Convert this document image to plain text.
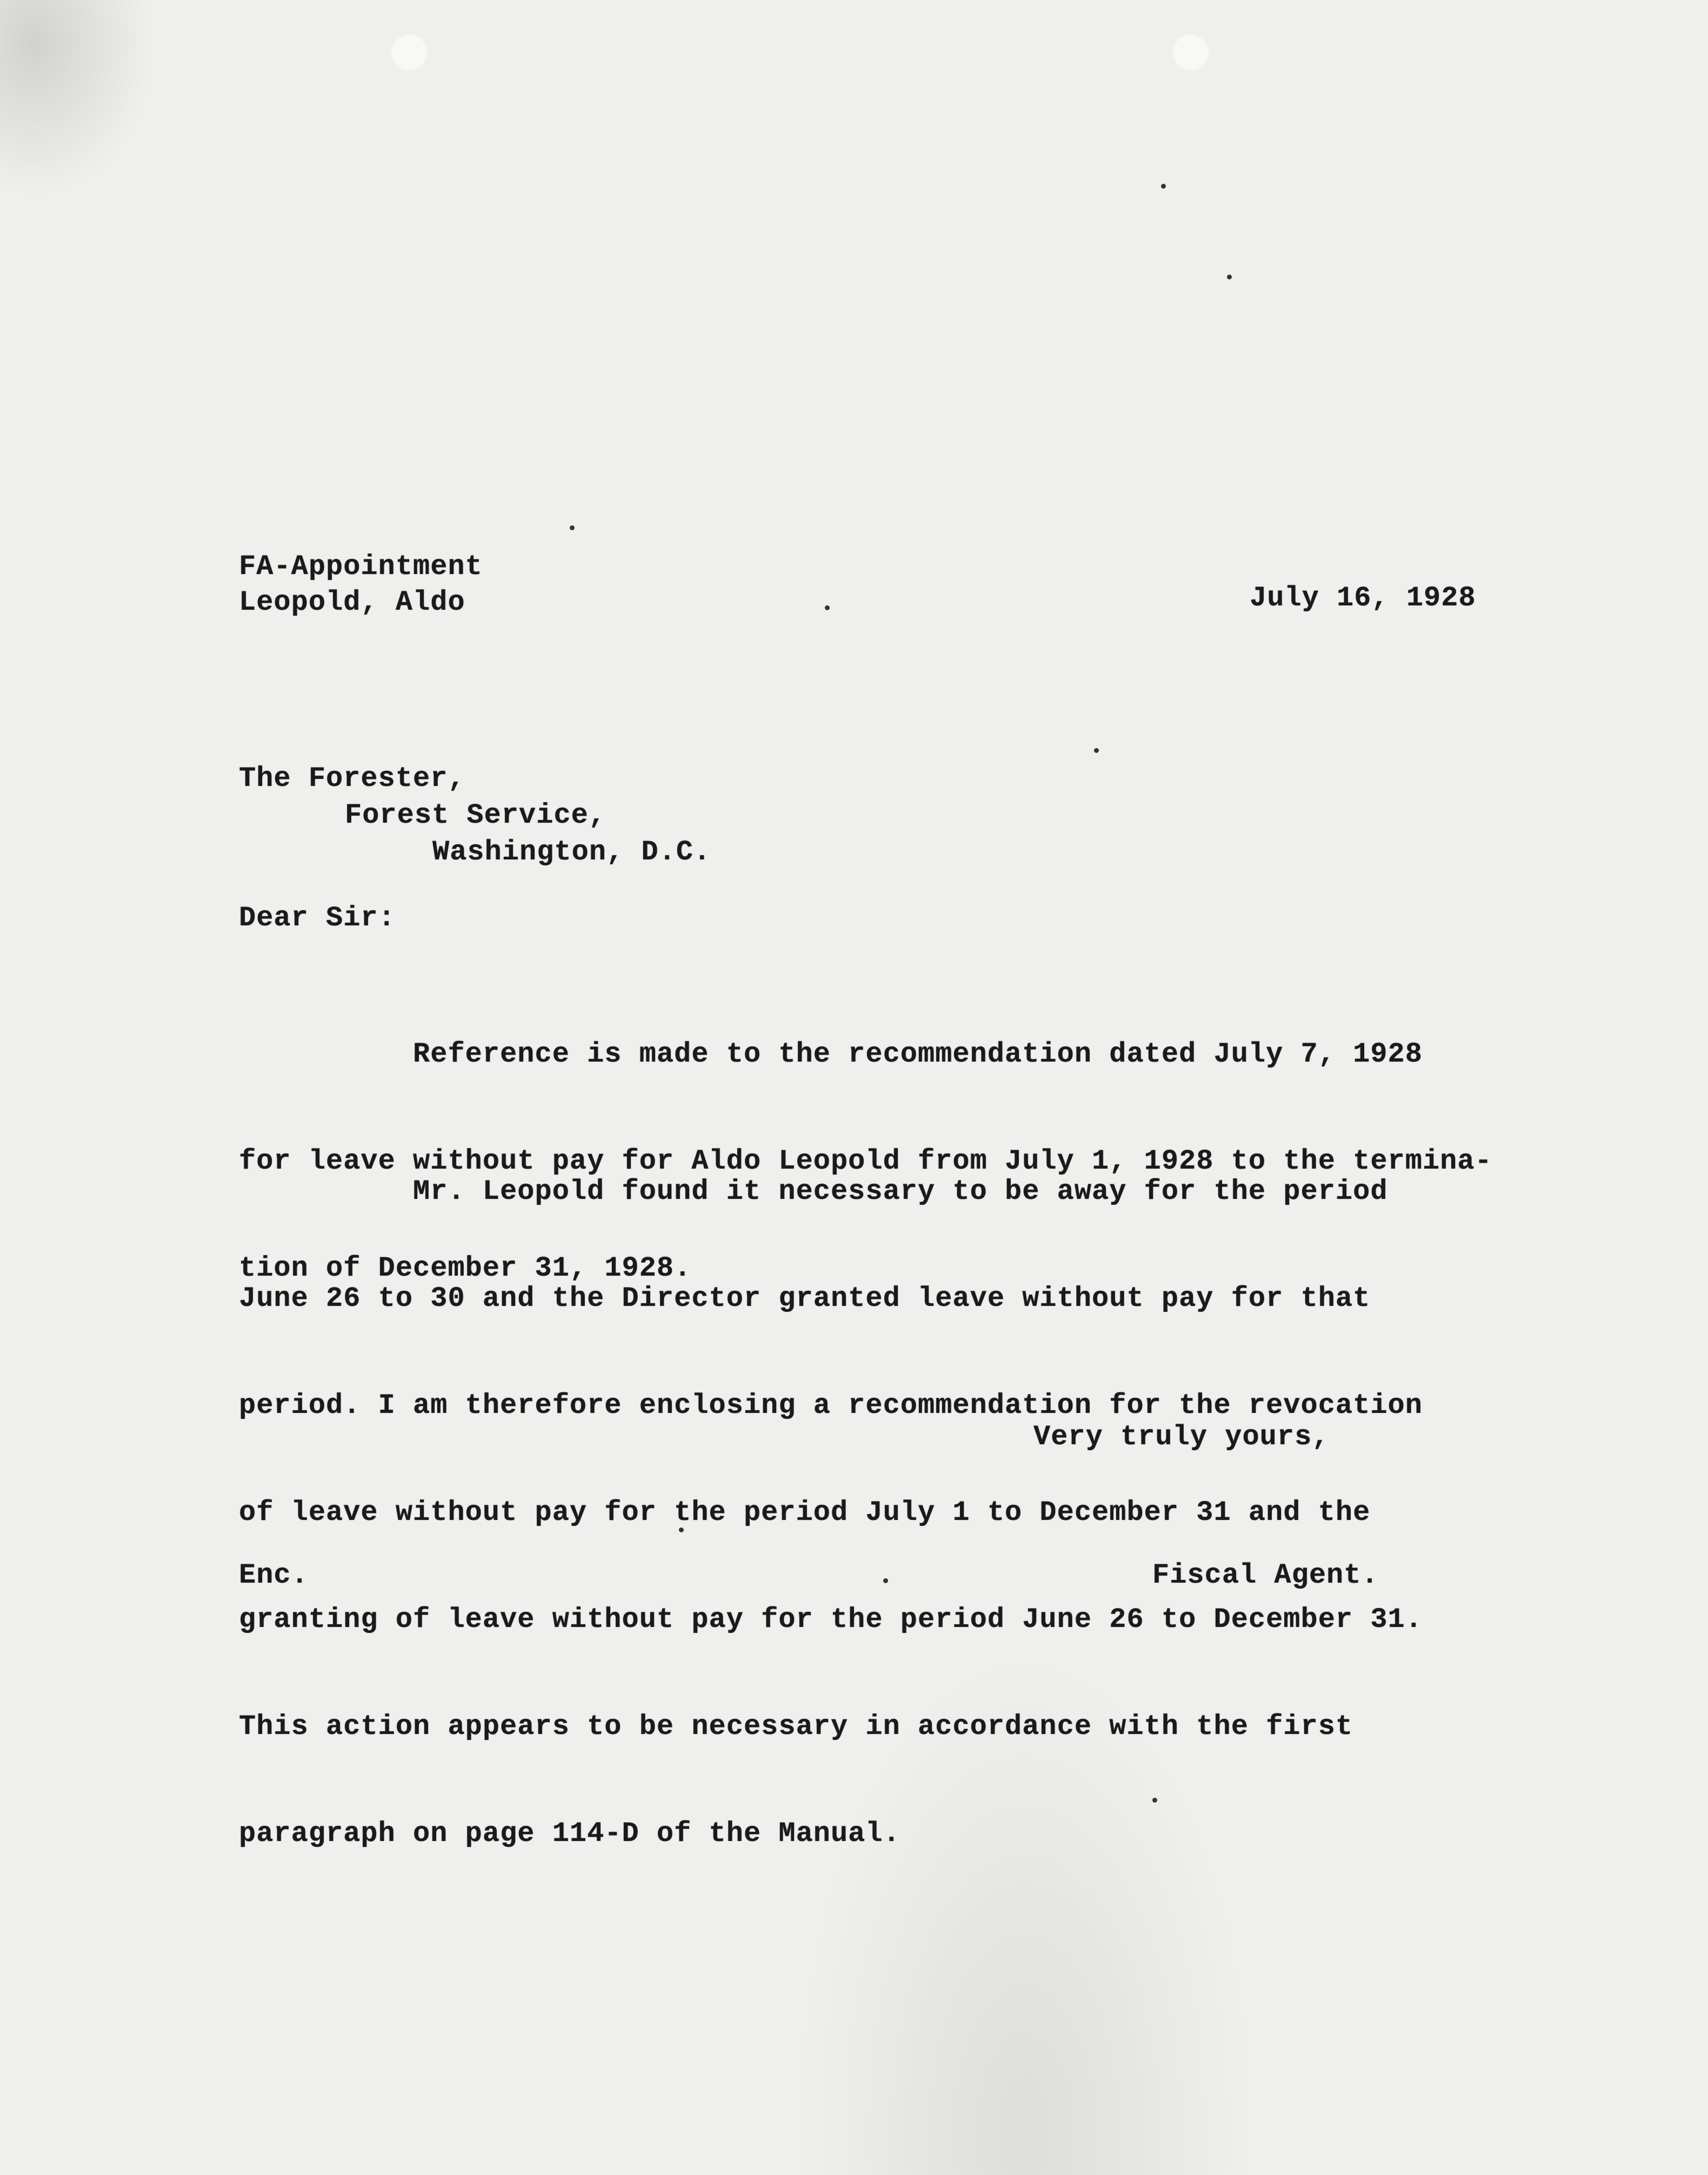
FA-Appointment

Leopold, Aldo	July 16, 1928

The Forester,

Forest Service,

Washington, D.C.

Dear Sir:

Reference is made to the recommendation dated July 7, 1928

for leave without pay for Aldo Leopold from July 1, 1928 to the termina-

tion of December 31, 1928.

Mr. Leopold found it necessary to be away for the period

June 26 to 30 and the Director granted leave without pay for that

period. I am therefore enclosing a recommendation for the revocation

of leave without pay for the period July 1 to December 31 and the

granting of leave without pay for the period June 26 to December 31.

This action appears to be necessary in accordance with the first

paragraph on page 114-D of the Manual.

Very truly yours,

Enc.	Fiscal Agent.
